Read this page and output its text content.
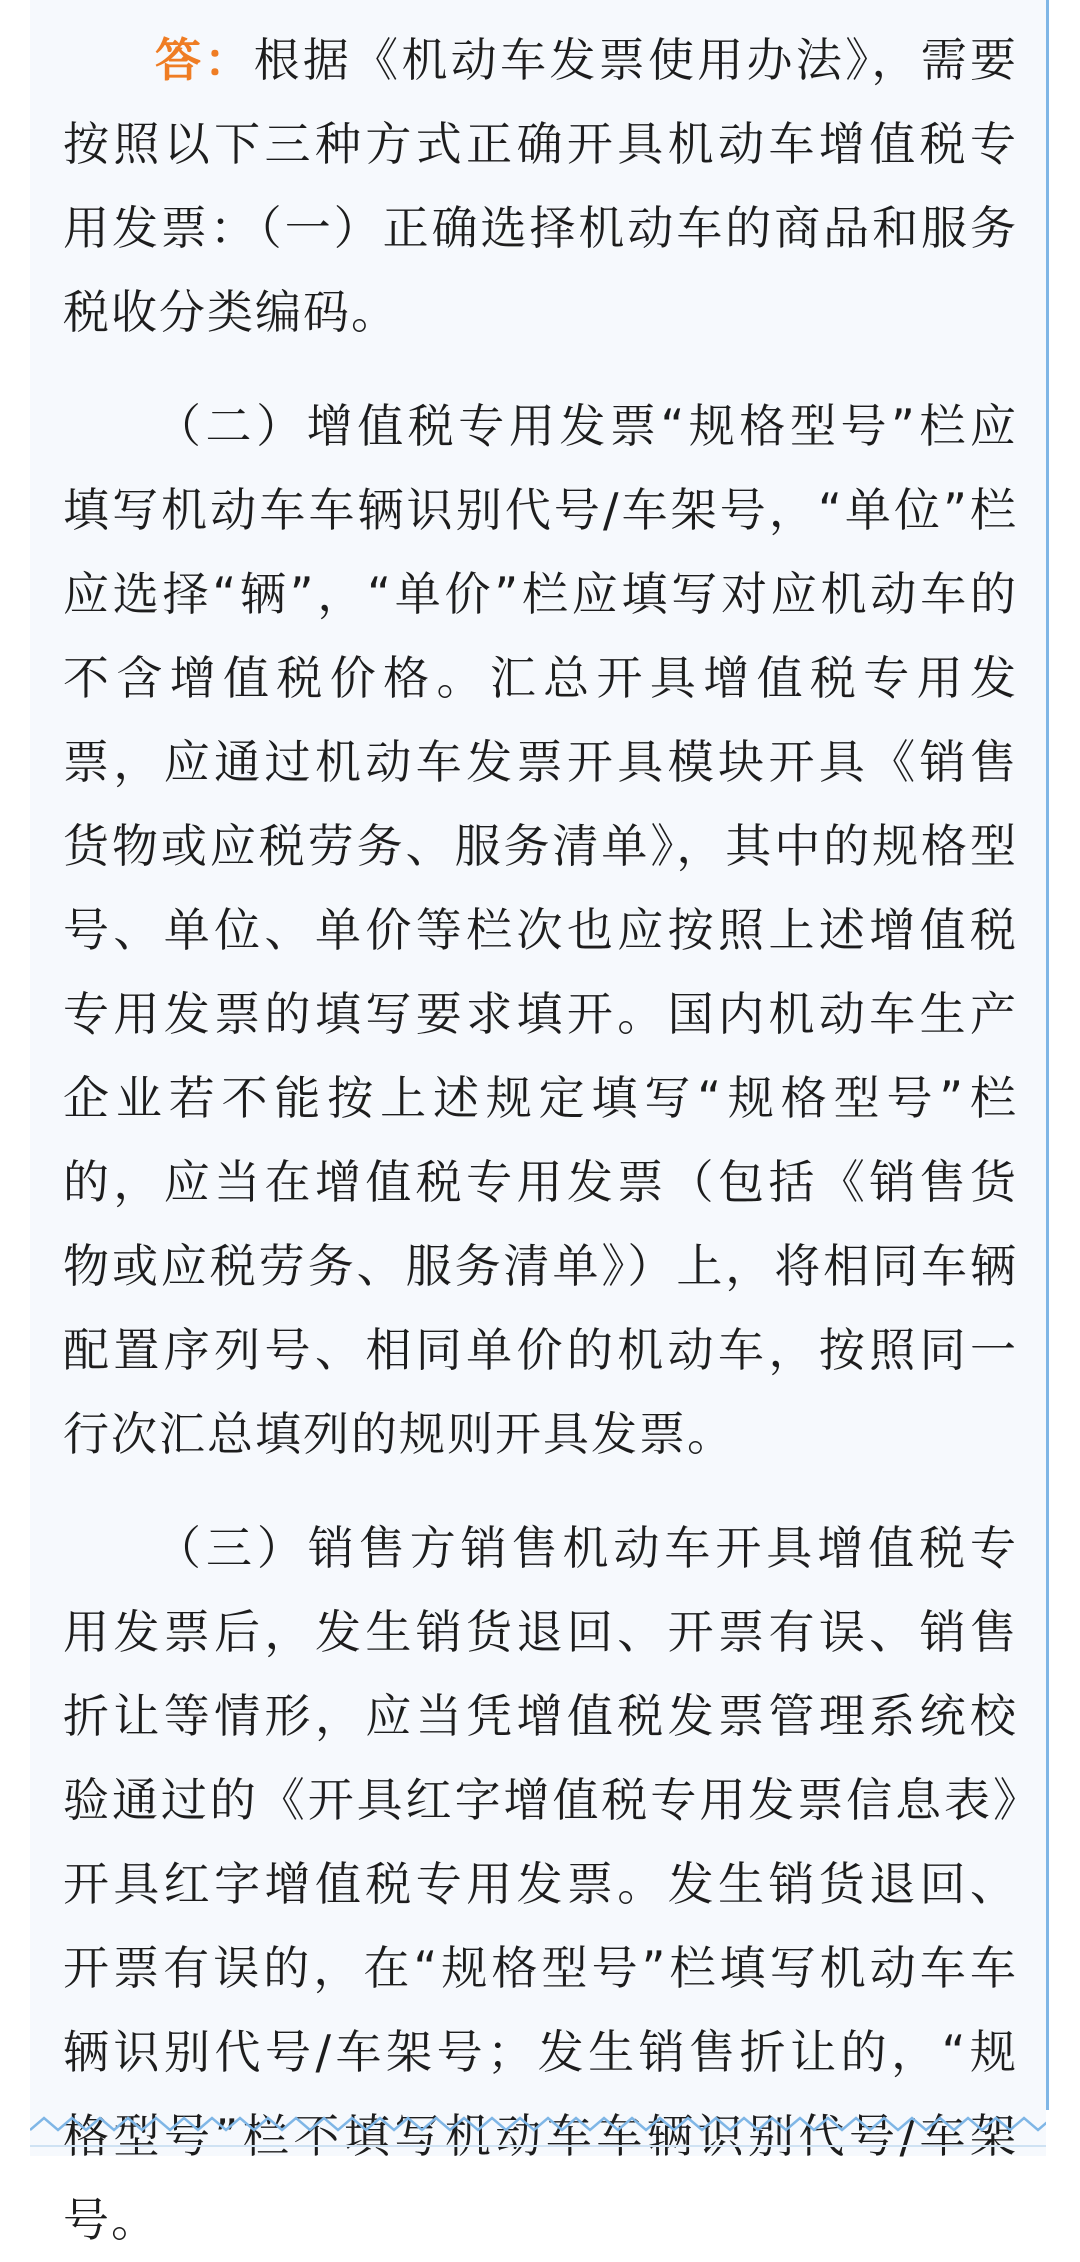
答：根据《机动车发票使用办法》，需要按照以下三种方式正确开具机动车增值税专用发票：（一）正确选择机动车的商品和服务税收分类编码。

（二）增值税专用发票“规格型号”栏应填写机动车车辆识别代号/车架号，“单位”栏应选择“辆”，“单价”栏应填写对应机动车的不含增值税价格。汇总开具增值税专用发票，应通过机动车发票开具模块开具《销售货物或应税劳务、服务清单》，其中的规格型号、单位、单价等栏次也应按照上述增值税专用发票的填写要求填开。国内机动车生产企业若不能按上述规定填写“规格型号”栏的，应当在增值税专用发票（包括《销售货物或应税劳务、服务清单》）上，将相同车辆配置序列号、相同单价的机动车，按照同一行次汇总填列的规则开具发票。

（三）销售方销售机动车开具增值税专用发票后，发生销货退回、开票有误、销售折让等情形，应当凭增值税发票管理系统校验通过的《开具红字增值税专用发票信息表》开具红字增值税专用发票。发生销货退回、开票有误的，在“规格型号”栏填写机动车车辆识别代号/车架号；发生销售折让的，“规格型号”栏不填写机动车车辆识别代号/车架号。
